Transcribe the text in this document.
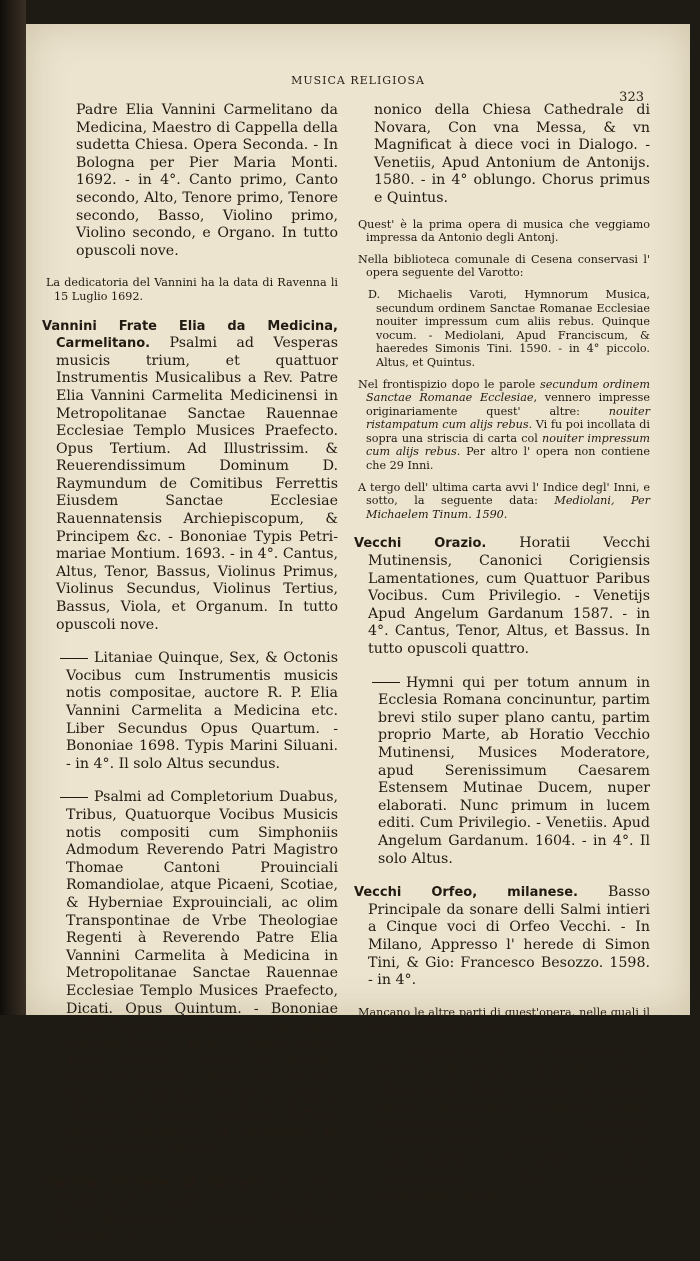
MUSICA RELIGIOSA
323

Padre Elia Vannini Carmelitano da Medicina, Maestro di Cappella della sudetta Chiesa. Opera Seconda. - In Bologna per Pier Maria Monti. 1692. - in 4°. Canto primo, Canto secondo, Alto, Tenore primo, Tenore secondo, Basso, Violino primo, Violino secondo, e Organo. In tutto opuscoli nove.

La dedicatoria del Vannini ha la data di Ravenna li 15 Luglio 1692.

Vannini Frate Elia da Medicina, Carmelitano. Psalmi ad Vesperas musicis trium, et quattuor Instrumentis Musicalibus a Rev. Patre Elia Vannini Carmelita Medicinensi in Metropolitanae Sanctae Rauennae Ecclesiae Templo Musices Praefecto. Opus Tertium. Ad Illustrissim. & Reuerendissimum Dominum D. Raymundum de Comitibus Ferrettis Eiusdem Sanctae Ecclesiae Rauennatensis Archiepiscopum, & Principem &c. - Bononiae Typis Petri-mariae Montium. 1693. - in 4°. Cantus, Altus, Tenor, Bassus, Violinus Primus, Violinus Secundus, Violinus Tertius, Bassus, Viola, et Organum. In tutto opuscoli nove.

Litaniae Quinque, Sex, & Octonis Vocibus cum Instrumentis musicis notis compositae, auctore R. P. Elia Vannini Carmelita a Medicina etc. Liber Secundus Opus Quartum. - Bononiae 1698. Typis Marini Siluani. - in 4°. Il solo Altus secundus.

Psalmi ad Completorium Duabus, Tribus, Quatuorque Vocibus Musicis notis compositi cum Simphoniis Admodum Reverendo Patri Magistro Thomae Cantoni Prouinciali Romandiolae, atque Picaeni, Scotiae, & Hyberniae Exprouinciali, ac olim Transpontinae de Vrbe Theologiae Regenti à Reverendo Patre Elia Vannini Carmelita à Medicina in Metropolitanae Sanctae Rauennae Ecclesiae Templo Musices Praefecto, Dicati. Opus Quintum. - Bononiae 1699. Typis Marini Siluani, sub signo Minoris Fides. - in 4°. Cantus, Altus, Tenor, Bassus, Cantus ad libitum, Altus ad libitum, Tenor ad libitum, Bassus ad libitum, Violinus primus, Violinus secundus, Violinus Tertius, Bassus continuus, et Organum. In tutto opuscoli tredici.

Varotto Michele di Novara. Li otto Magnificat a cinque voci, a dui Chori del Reverendo Messer Michele Varotto, Ca-

nonico della Chiesa Cathedrale di Novara, Con vna Messa, & vn Magnificat à diece voci in Dialogo. - Venetiis, Apud Antonium de Antonijs. 1580. - in 4° oblungo. Chorus primus e Quintus.

Quest' è la prima opera di musica che veggiamo impressa da Antonio degli Antonj.

Nella biblioteca comunale di Cesena conservasi l' opera seguente del Varotto:

D. Michaelis Varoti, Hymnorum Musica, secundum ordinem Sanctae Romanae Ecclesiae nouiter impressum cum aliis rebus. Quinque vocum. - Mediolani, Apud Franciscum, & haeredes Simonis Tini. 1590. - in 4° piccolo. Altus, et Quintus.

Nel frontispizio dopo le parole secundum ordinem Sanctae Romanae Ecclesiae, vennero impresse originariamente quest' altre: nouiter ristampatum cum alijs rebus. Vi fu poi incollata di sopra una striscia di carta col nouiter impressum cum alijs rebus. Per altro l' opera non contiene che 29 Inni.

A tergo dell' ultima carta avvi l' Indice degl' Inni, e sotto, la seguente data: Mediolani, Per Michaelem Tinum. 1590.

Vecchi Orazio. Horatii Vecchi Mutinensis, Canonici Corigiensis Lamentationes, cum Quattuor Paribus Vocibus. Cum Privilegio. - Venetijs Apud Angelum Gardanum 1587. - in 4°. Cantus, Tenor, Altus, et Bassus. In tutto opuscoli quattro.

Hymni qui per totum annum in Ecclesia Romana concinuntur, partim brevi stilo super plano cantu, partim proprio Marte, ab Horatio Vecchio Mutinensi, Musices Moderatore, apud Serenissimum Caesarem Estensem Mutinae Ducem, nuper elaborati. Nunc primum in lucem editi. Cum Privilegio. - Venetiis. Apud Angelum Gardanum. 1604. - in 4°. Il solo Altus.

Vecchi Orfeo, milanese. Basso Principale da sonare delli Salmi intieri a Cinque voci di Orfeo Vecchi. - In Milano, Appresso l' herede di Simon Tini, & Gio: Francesco Besozzo. 1598. - in 4°.

Mancano le altre parti di quest'opera, nelle quali il titolo dev'essere diverso.

Orphei Vecchii Mediolanensis in Ecclesia D. Mariae Scal. Reg. Duc. Musicae, & Chori Magistri, in septem Regij prophetae Psalmos vulgo poenitentiales sacrarum modulationum, quae Motecta nuncupantur, et senis vocibus concinuntur, Liber Quartus. Mediolani, Apud
